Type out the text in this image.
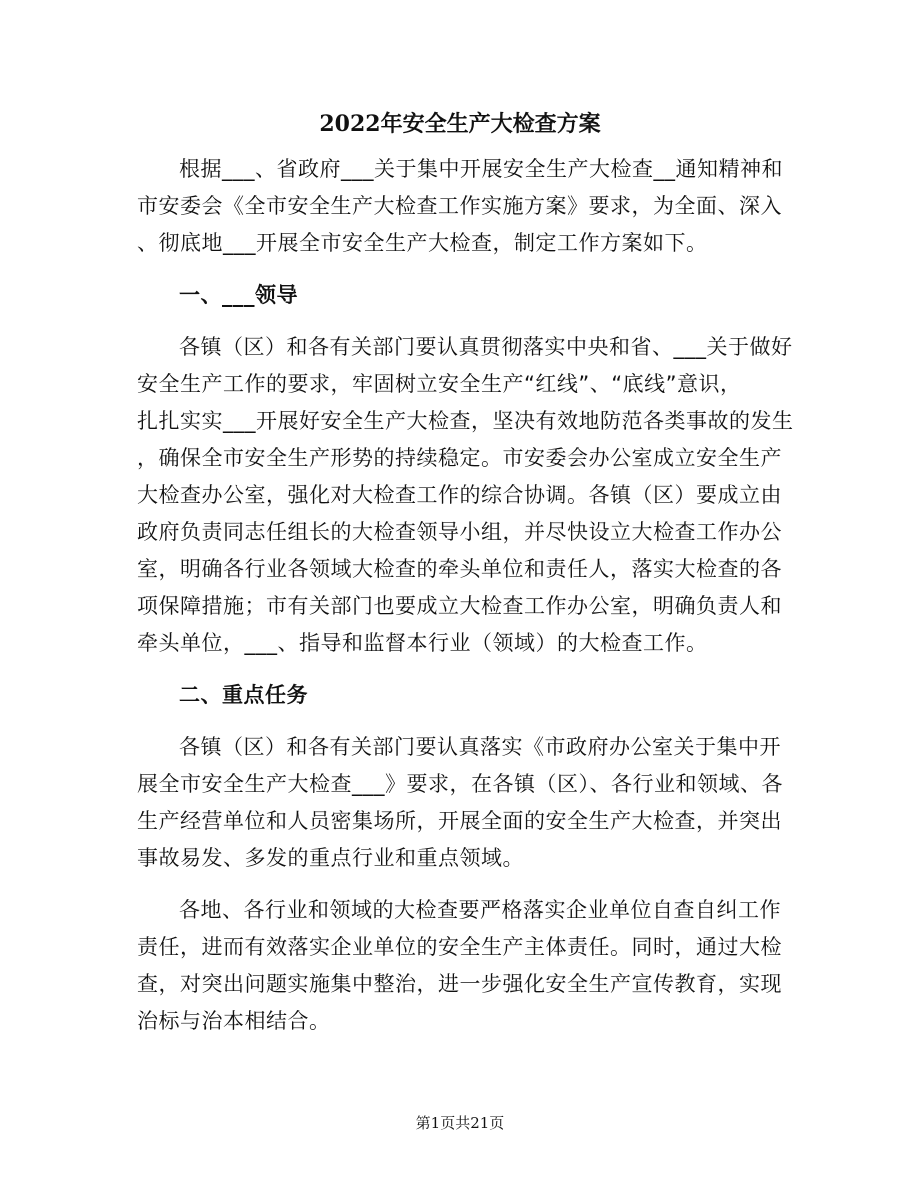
2022年安全生产大检查方案
根据___、省政府___关于集中开展安全生产大检查__通知精神和
市安委会《全市安全生产大检查工作实施方案》要求，为全面、深入
、彻底地___开展全市安全生产大检查，制定工作方案如下。
一、___领导
各镇（区）和各有关部门要认真贯彻落实中央和省、___关于做好
安全生产工作的要求，牢固树立安全生产“红线”、“底线”意识，
扎扎实实___开展好安全生产大检查，坚决有效地防范各类事故的发生
，确保全市安全生产形势的持续稳定。市安委会办公室成立安全生产
大检查办公室，强化对大检查工作的综合协调。各镇（区）要成立由
政府负责同志任组长的大检查领导小组，并尽快设立大检查工作办公
室，明确各行业各领域大检查的牵头单位和责任人，落实大检查的各
项保障措施；市有关部门也要成立大检查工作办公室，明确负责人和
牵头单位，___、指导和监督本行业（领域）的大检查工作。
二、重点任务
各镇（区）和各有关部门要认真落实《市政府办公室关于集中开
展全市安全生产大检查___》要求，在各镇（区）、各行业和领域、各
生产经营单位和人员密集场所，开展全面的安全生产大检查，并突出
事故易发、多发的重点行业和重点领域。
各地、各行业和领域的大检查要严格落实企业单位自查自纠工作
责任，进而有效落实企业单位的安全生产主体责任。同时，通过大检
查，对突出问题实施集中整治，进一步强化安全生产宣传教育，实现
治标与治本相结合。
第1页共21页
